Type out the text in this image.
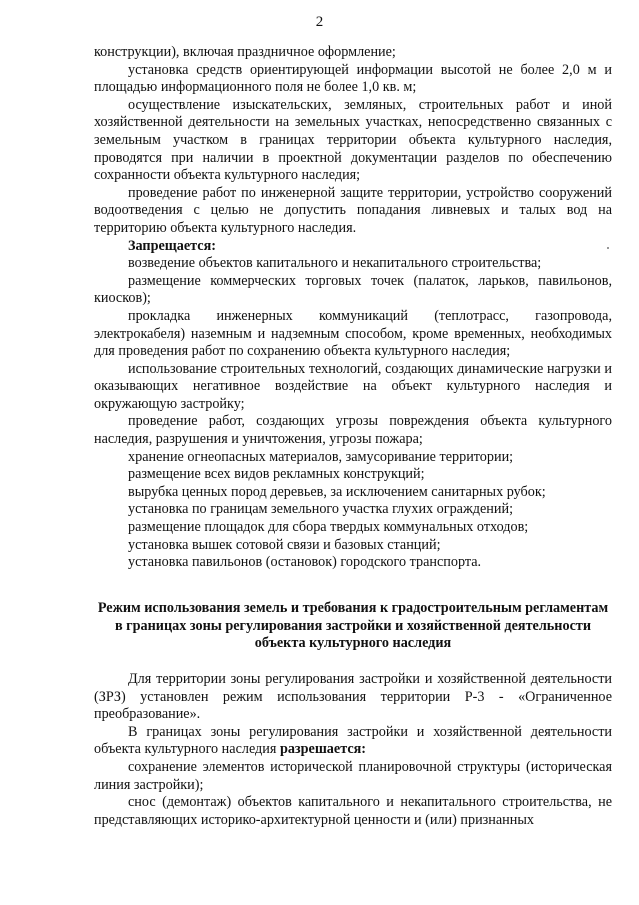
2

конструкции), включая праздничное оформление;

установка средств ориентирующей информации высотой не более 2,0 м и площадью информационного поля не более 1,0 кв. м;

осуществление изыскательских, земляных, строительных работ и иной хозяйственной деятельности на земельных участках, непосредственно связанных с земельным участком в границах территории объекта культурного наследия, проводятся при наличии в проектной документации разделов по обеспечению сохранности объекта культурного наследия;

проведение работ по инженерной защите территории, устройство сооружений водоотведения с целью не допустить попадания ливневых и талых вод на территорию объекта культурного наследия.

Запрещается:

возведение объектов капитального и некапитального строительства;

размещение коммерческих торговых точек (палаток, ларьков, павильонов, киосков);

прокладка инженерных коммуникаций (теплотрасс, газопровода, электрокабеля) наземным и надземным способом, кроме временных, необходимых для проведения работ по сохранению объекта культурного наследия;

использование строительных технологий, создающих динамические нагрузки и оказывающих негативное воздействие на объект культурного наследия и окружающую застройку;

проведение работ, создающих угрозы повреждения объекта культурного наследия, разрушения и уничтожения, угрозы пожара;

хранение огнеопасных материалов, замусоривание территории;

размещение всех видов рекламных конструкций;

вырубка ценных пород деревьев, за исключением санитарных рубок;

установка по границам земельного участка глухих ограждений;

размещение площадок для сбора твердых коммунальных отходов;

установка вышек сотовой связи и базовых станций;

установка павильонов (остановок) городского транспорта.

Режим использования земель и требования к градостроительным регламентам в границах зоны регулирования застройки и хозяйственной деятельности объекта культурного наследия

Для территории зоны регулирования застройки и хозяйственной деятельности (ЗРЗ) установлен режим использования территории Р-3 - «Ограниченное преобразование».

В границах зоны регулирования застройки и хозяйственной деятельности объекта культурного наследия разрешается:

сохранение элементов исторической планировочной структуры (историческая линия застройки);

снос (демонтаж) объектов капитального и некапитального строительства, не представляющих историко-архитектурной ценности и (или) признанных
